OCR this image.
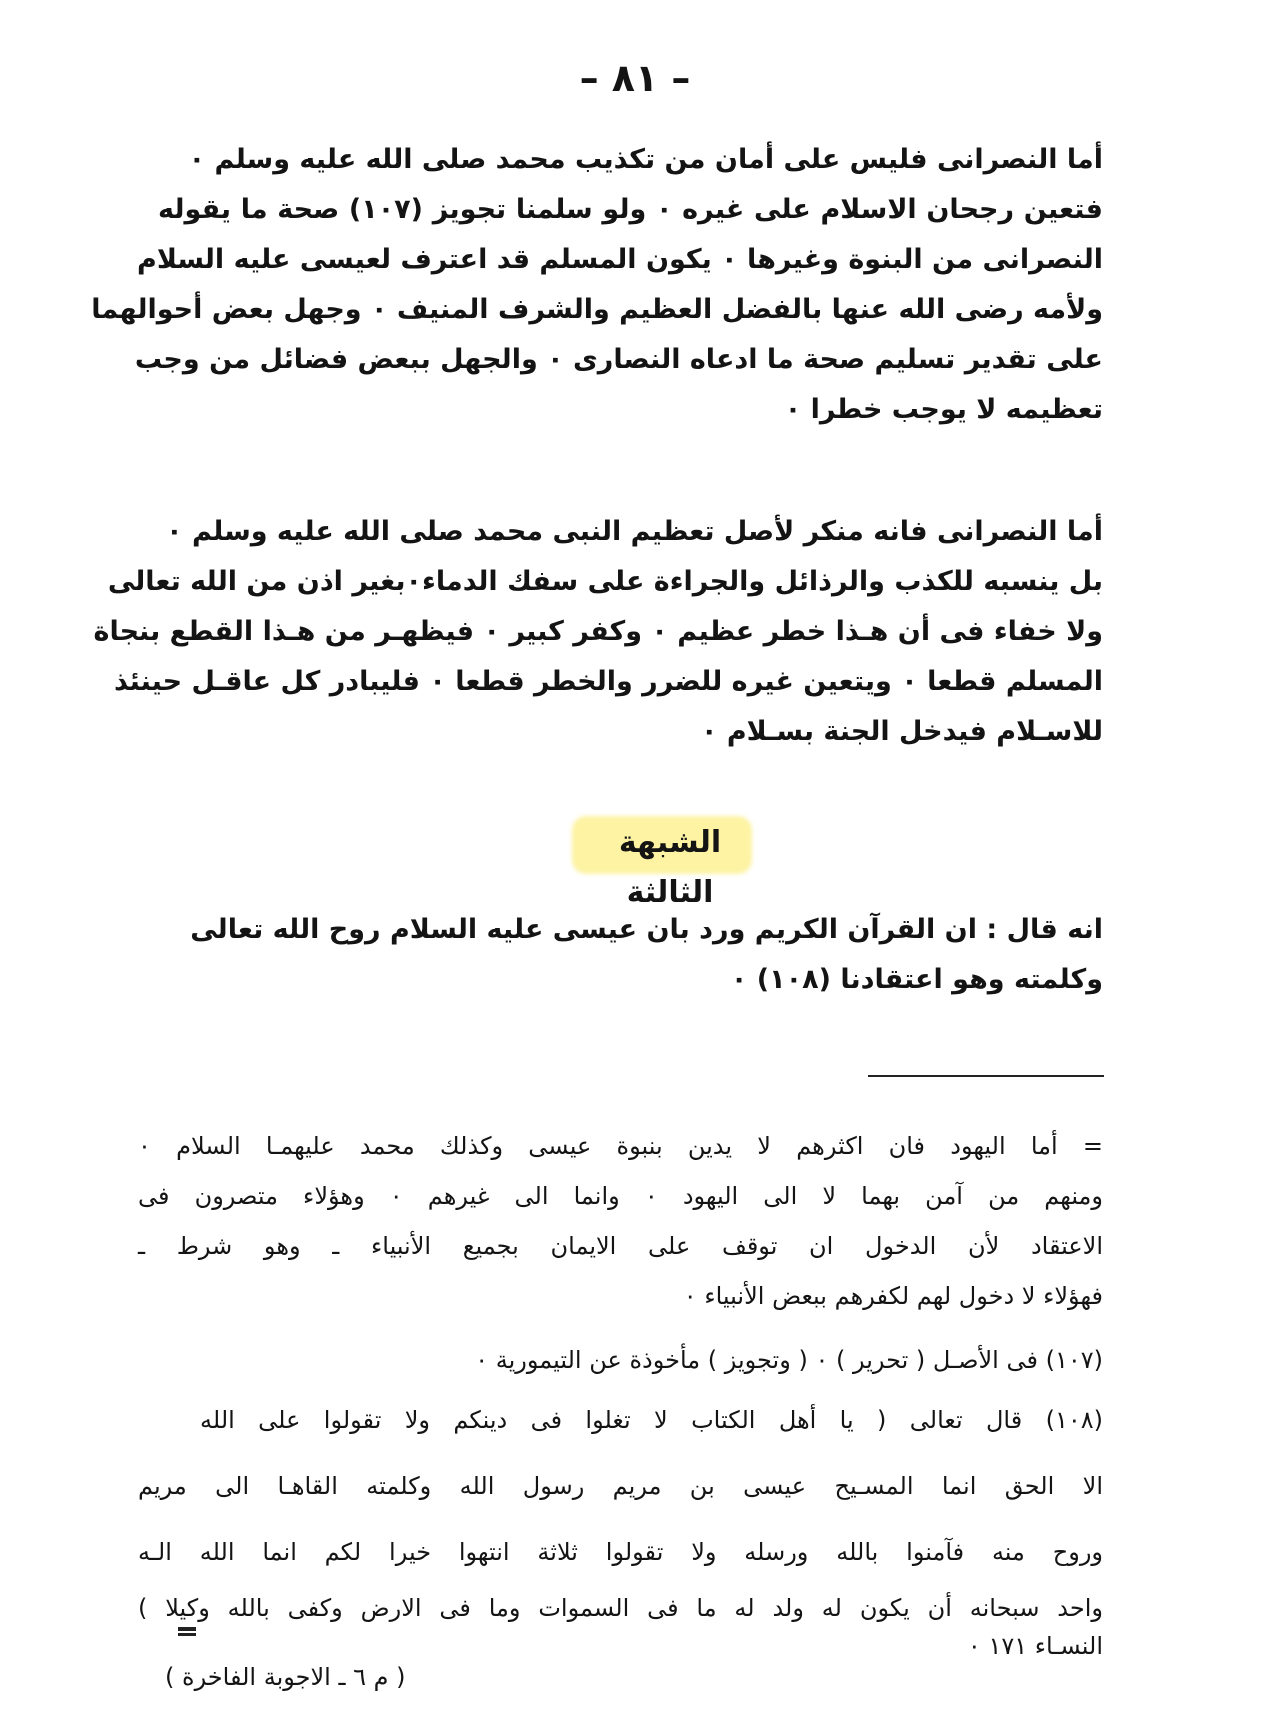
– ٨١ –
أما النصرانى فليس على أمان من تكذيب محمد صلى الله عليه وسلم ٠
فتعين رجحان الاسلام على غيره ٠ ولو سلمنا تجويز (١٠٧) صحة ما يقوله
النصرانى من البنوة وغيرها ٠ يكون المسلم قد اعترف لعيسى عليه السلام
ولأمه رضى الله عنها بالفضل العظيم والشرف المنيف ٠ وجهل بعض أحوالهما
على تقدير تسليم صحة ما ادعاه النصارى ٠ والجهل ببعض فضائل من وجب
تعظيمه لا يوجب خطرا ٠
أما النصرانى فانه منكر لأصل تعظيم النبى محمد صلى الله عليه وسلم ٠
بل ينسبه للكذب والرذائل والجراءة على سفك الدماء٠بغير اذن من الله تعالى
ولا خفاء فى أن هـذا خطر عظيم ٠ وكفر كبير ٠ فيظهـر من هـذا القطع بنجاة
المسلم قطعا ٠ ويتعين غيره للضرر والخطر قطعا ٠ فليبادر كل عاقـل حينئذ
للاسـلام فيدخل الجنة بسـلام ٠
الشبهة الثالثة
انه قال : ان القرآن الكريم ورد بان عيسى عليه السلام روح الله تعالى
وكلمته وهو اعتقادنا (١٠٨) ٠
= أما اليهود فان اكثرهم لا يدين بنبوة عيسى وكذلك محمد عليهمـا السلام ٠
ومنهم من آمن بهما لا الى اليهود ٠ وانما الى غيرهم ٠ وهؤلاء متصرون فى
الاعتقاد لأن الدخول ان توقف على الايمان بجميع الأنبياء ـ وهو شرط ـ
فهؤلاء لا دخول لهم لكفرهم ببعض الأنبياء ٠
(١٠٧) فى الأصـل ( تحرير ) ٠ ( وتجويز ) مأخوذة عن التيمورية ٠
(١٠٨) قال تعالى ( يا أهل الكتاب لا تغلوا فى دينكم ولا تقولوا على الله
الا الحق انما المسـيح عيسى بن مريم رسول الله وكلمته القاهـا الى مريم
وروح منه فآمنوا بالله ورسله ولا تقولوا ثلاثة انتهوا خيرا لكم انما الله الـه
واحد سبحانه أن يكون له ولد له ما فى السموات وما فى الارض وكفى بالله وكيلا )
النسـاء ١٧١ ٠
( م ٦ ـ الاجوبة الفاخرة )
